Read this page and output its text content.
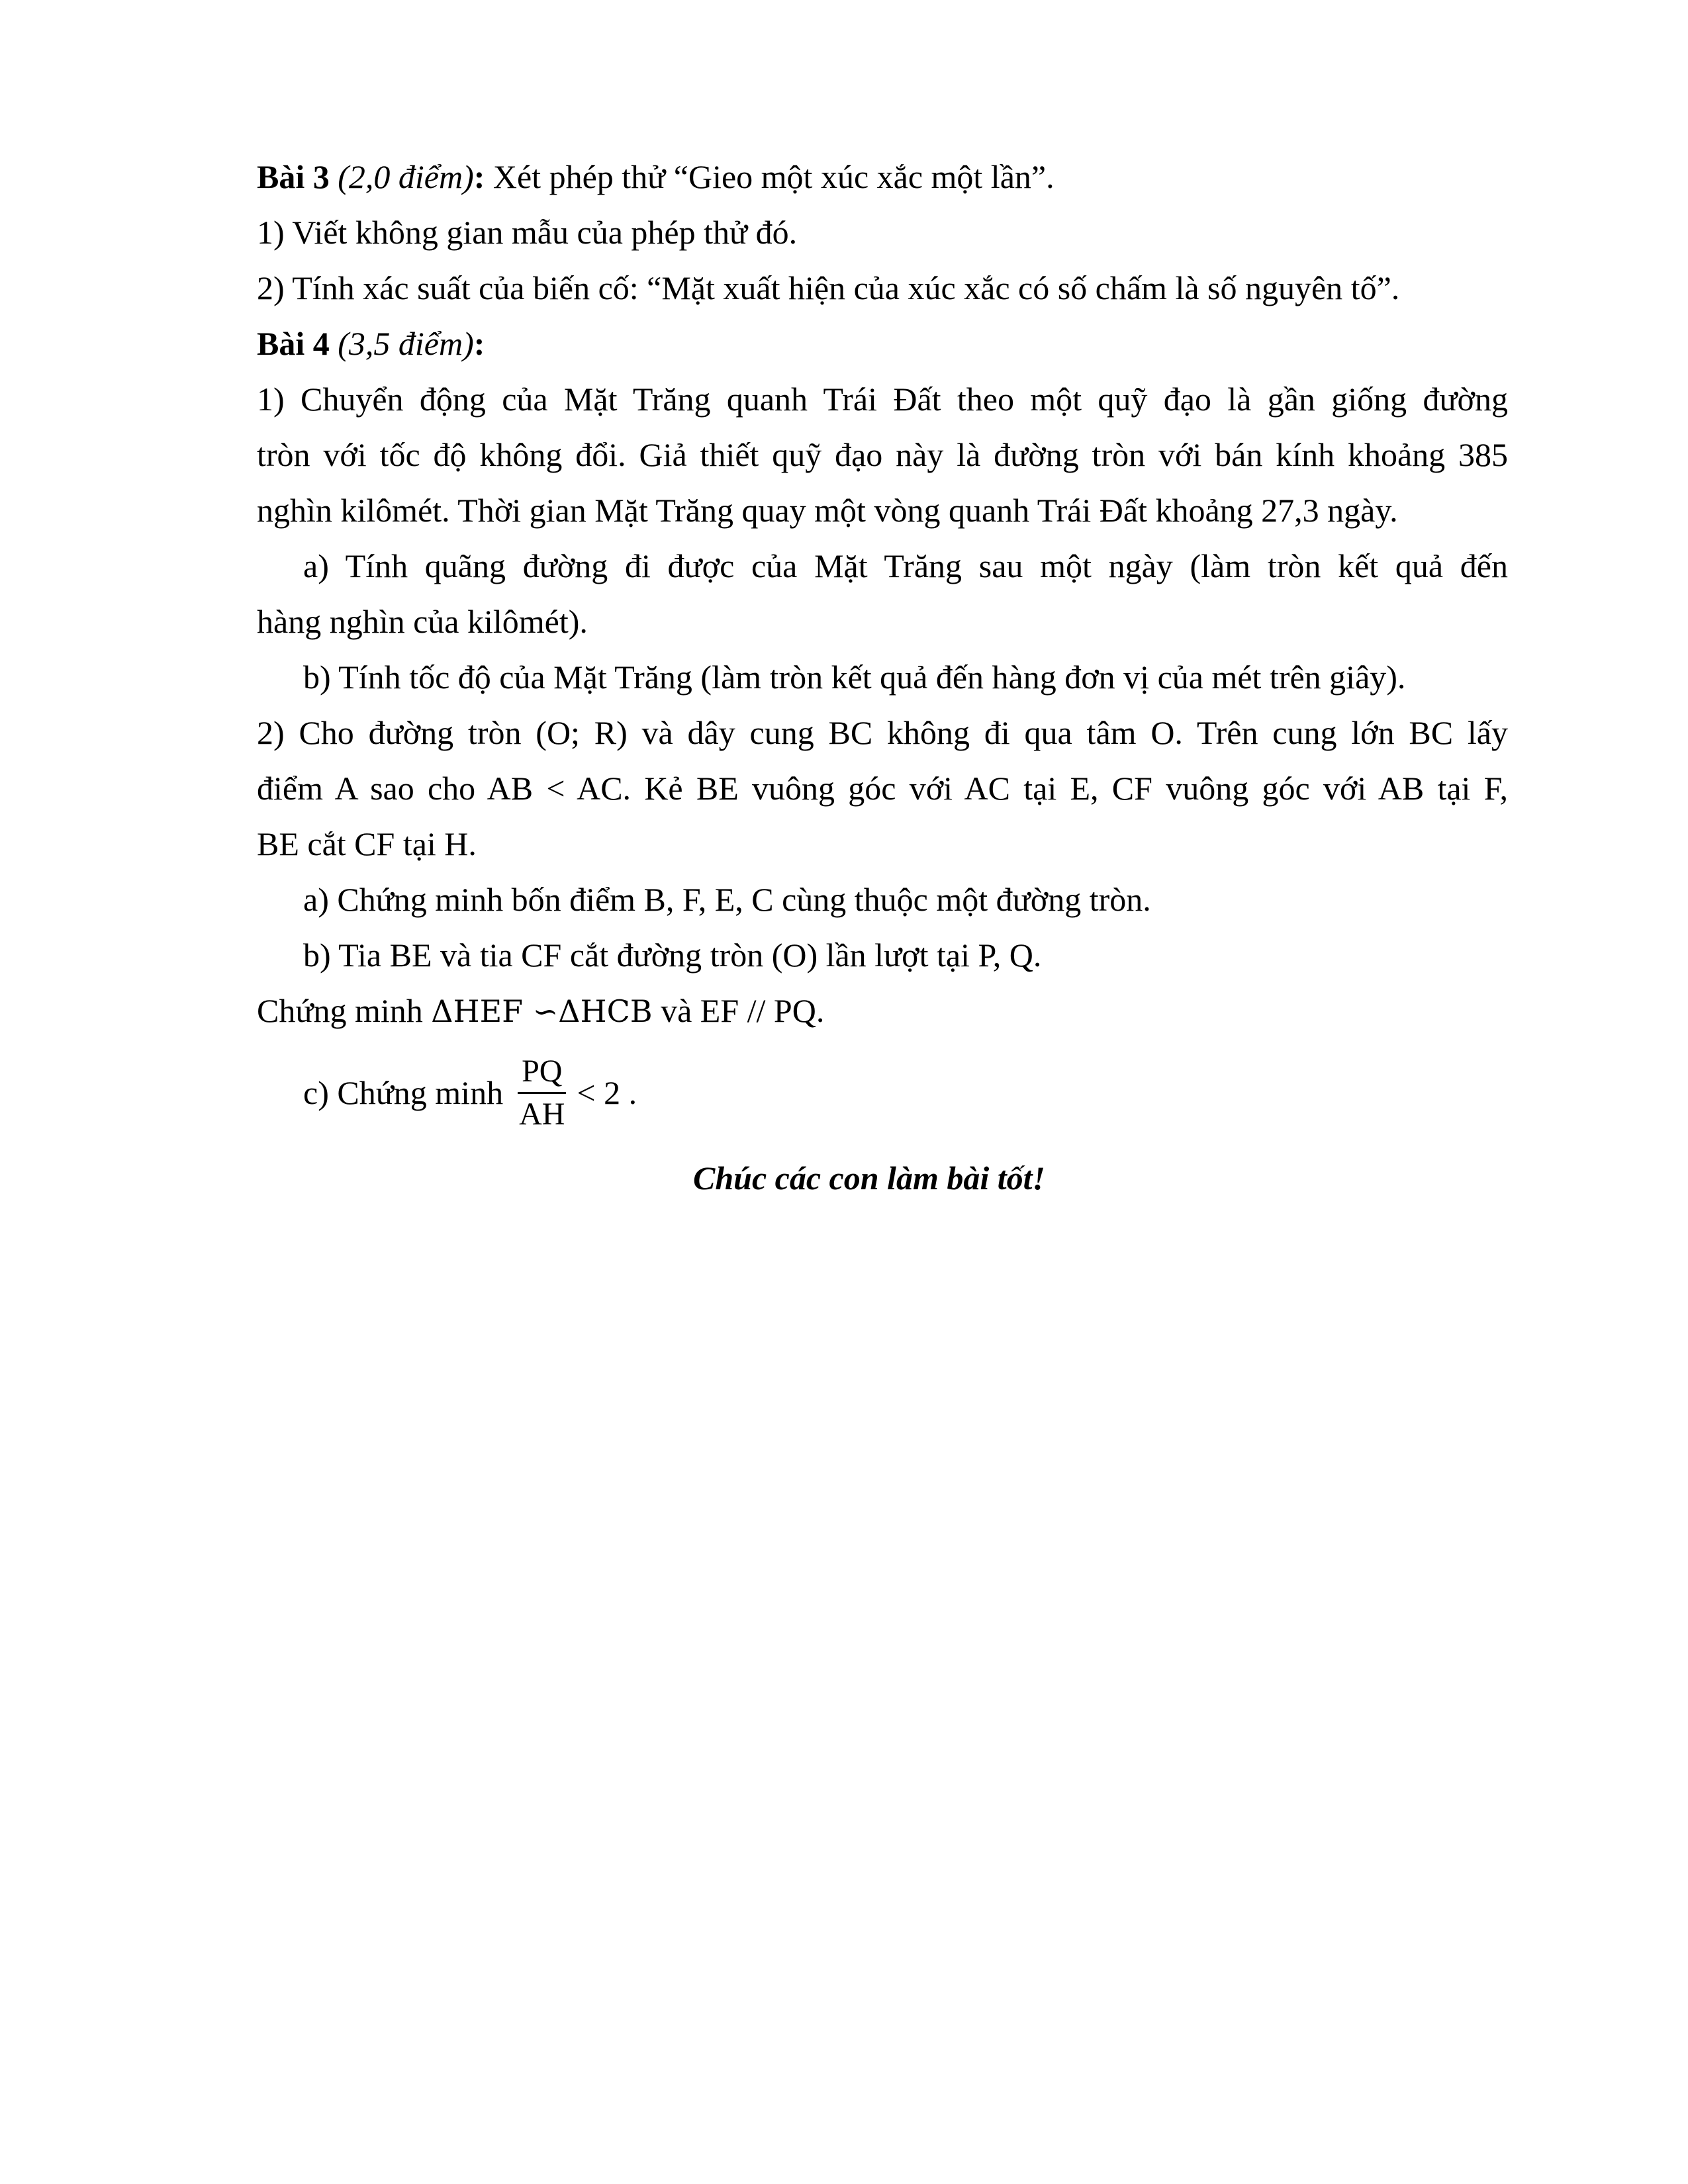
Bài 3 (2,0 điểm): Xét phép thử “Gieo một xúc xắc một lần”.
1) Viết không gian mẫu của phép thử đó.
2) Tính xác suất của biến cố: “Mặt xuất hiện của xúc xắc có số chấm là số nguyên tố”.
Bài 4 (3,5 điểm):
1) Chuyển động của Mặt Trăng quanh Trái Đất theo một quỹ đạo là gần giống đường
tròn với tốc độ không đổi. Giả thiết quỹ đạo này là đường tròn với bán kính khoảng 385
nghìn kilômét. Thời gian Mặt Trăng quay một vòng quanh Trái Đất khoảng 27,3 ngày.
a) Tính quãng đường đi được của Mặt Trăng sau một ngày (làm tròn kết quả đến
hàng nghìn của kilômét).
b) Tính tốc độ của Mặt Trăng (làm tròn kết quả đến hàng đơn vị của mét trên giây).
2) Cho đường tròn (O; R) và dây cung BC không đi qua tâm O. Trên cung lớn BC lấy
điểm A sao cho AB < AC. Kẻ BE vuông góc với AC tại E, CF vuông góc với AB tại F,
BE cắt CF tại H.
a) Chứng minh bốn điểm B, F, E, C cùng thuộc một đường tròn.
b) Tia BE và tia CF cắt đường tròn (O) lần lượt tại P, Q.
Chứng minh ΔHEF ∽ΔHCB và EF // PQ.
c) Chứng minh $\frac{PQ}{AH} < 2$ .
Chúc các con làm bài tốt!
